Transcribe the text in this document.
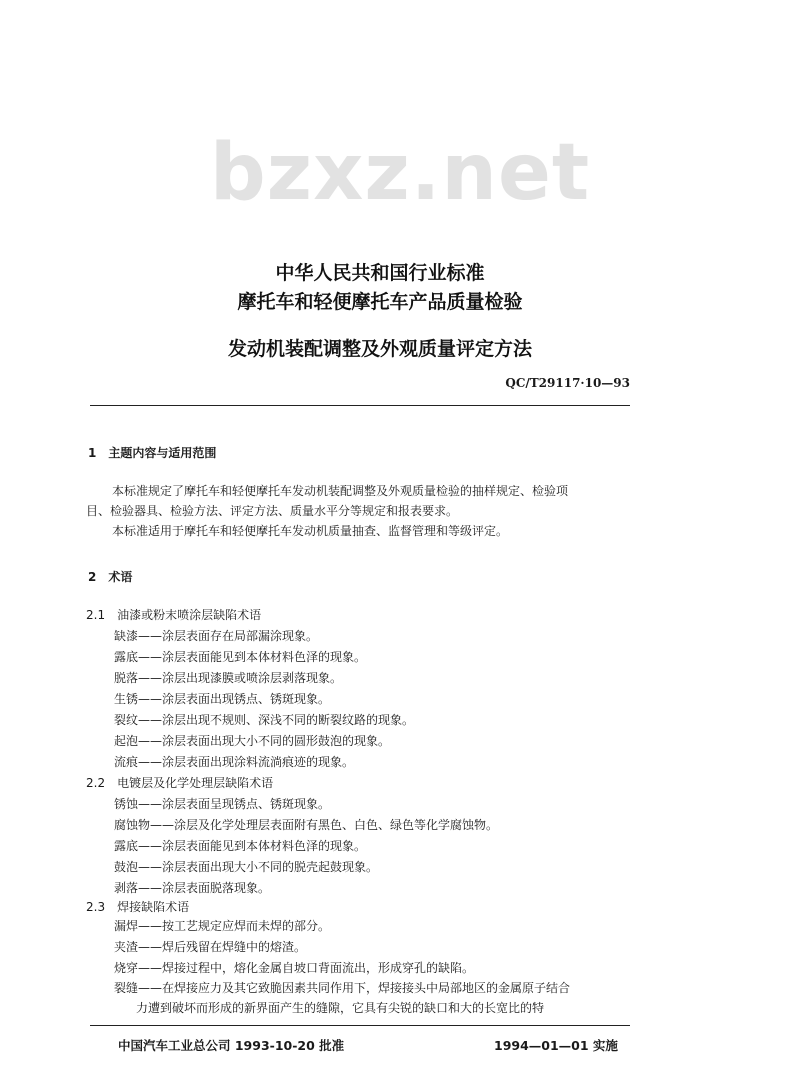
bzxz.net
中华人民共和国行业标准
摩托车和轻便摩托车产品质量检验
发动机装配调整及外观质量评定方法
QC/T29117·10—93
1　主题内容与适用范围
本标准规定了摩托车和轻便摩托车发动机装配调整及外观质量检验的抽样规定、检验项
目、检验器具、检验方法、评定方法、质量水平分等规定和报表要求。
本标准适用于摩托车和轻便摩托车发动机质量抽查、监督管理和等级评定。
2　术语
2.1　油漆或粉末喷涂层缺陷术语
缺漆——涂层表面存在局部漏涂现象。
露底——涂层表面能见到本体材料色泽的现象。
脱落——涂层出现漆膜或喷涂层剥落现象。
生锈——涂层表面出现锈点、锈斑现象。
裂纹——涂层出现不规则、深浅不同的断裂纹路的现象。
起泡——涂层表面出现大小不同的圆形鼓泡的现象。
流痕——涂层表面出现涂料流淌痕迹的现象。
2.2　电镀层及化学处理层缺陷术语
锈蚀——涂层表面呈现锈点、锈斑现象。
腐蚀物——涂层及化学处理层表面附有黑色、白色、绿色等化学腐蚀物。
露底——涂层表面能见到本体材料色泽的现象。
鼓泡——涂层表面出现大小不同的脱壳起鼓现象。
剥落——涂层表面脱落现象。
2.3　焊接缺陷术语
漏焊——按工艺规定应焊而未焊的部分。
夹渣——焊后残留在焊缝中的熔渣。
烧穿——焊接过程中，熔化金属自坡口背面流出，形成穿孔的缺陷。
裂缝——在焊接应力及其它致脆因素共同作用下，焊接接头中局部地区的金属原子结合
力遭到破坏而形成的新界面产生的缝隙，它具有尖锐的缺口和大的长宽比的特
中国汽车工业总公司 1993-10-20 批准	1994—01—01 实施
